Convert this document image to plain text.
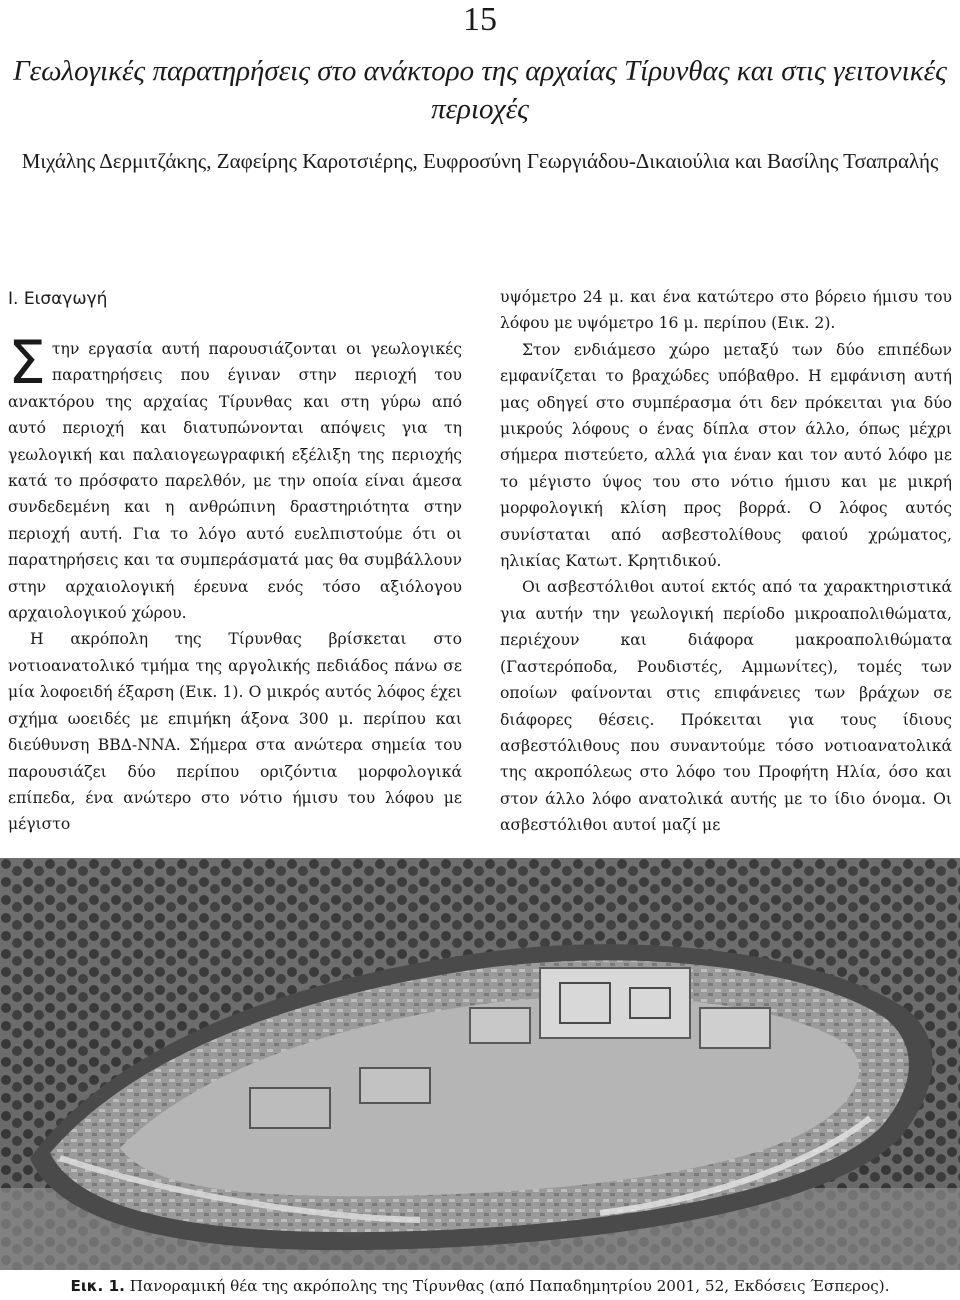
15
Γεωλογικές παρατηρήσεις στο ανάκτορο της αρχαίας Τίρυνθας και στις γειτονικές περιοχές

Μιχάλης Δερμιτζάκης, Ζαφείρης Καροτσιέρης, Ευφροσύνη Γεωργιάδου-Δικαιούλια και Βασίλης Τσαπραλής

Ι. Εισαγωγή

Στην εργασία αυτή παρουσιάζονται οι γεωλογικές παρατηρήσεις που έγιναν στην περιοχή του ανακτόρου της αρχαίας Τίρυνθας και στη γύρω από αυτό περιοχή και διατυπώνονται απόψεις για τη γεωλογική και παλαιογεωγραφική εξέλιξη της περιοχής κατά το πρόσφατο παρελθόν, με την οποία είναι άμεσα συνδεδεμένη και η ανθρώπινη δραστηριότητα στην περιοχή αυτή. Για το λόγο αυτό ευελπιστούμε ότι οι παρατηρήσεις και τα συμπεράσματά μας θα συμβάλλουν στην αρχαιολογική έρευνα ενός τόσο αξιόλογου αρχαιολογικού χώρου.

Η ακρόπολη της Τίρυνθας βρίσκεται στο νοτιοανατολικό τμήμα της αργολικής πεδιάδος πάνω σε μία λοφοειδή έξαρση (Εικ. 1). Ο μικρός αυτός λόφος έχει σχήμα ωοειδές με επιμήκη άξονα 300 μ. περίπου και διεύθυνση ΒΒΔ-ΝΝΑ. Σήμερα στα ανώτερα σημεία του παρουσιάζει δύο περίπου οριζόντια μορφολογικά επίπεδα, ένα ανώτερο στο νότιο ήμισυ του λόφου με μέγιστο

υψόμετρο 24 μ. και ένα κατώτερο στο βόρειο ήμισυ του λόφου με υψόμετρο 16 μ. περίπου (Εικ. 2).

Στον ενδιάμεσο χώρο μεταξύ των δύο επιπέδων εμφανίζεται το βραχώδες υπόβαθρο. Η εμφάνιση αυτή μας οδηγεί στο συμπέρασμα ότι δεν πρόκειται για δύο μικρούς λόφους ο ένας δίπλα στον άλλο, όπως μέχρι σήμερα πιστεύετο, αλλά για έναν και τον αυτό λόφο με το μέγιστο ύψος του στο νότιο ήμισυ και με μικρή μορφολογική κλίση προς βορρά. Ο λόφος αυτός συνίσταται από ασβεστολίθους φαιού χρώματος, ηλικίας Κατωτ. Κρητιδικού.

Οι ασβεστόλιθοι αυτοί εκτός από τα χαρακτηριστικά για αυτήν την γεωλογική περίοδο μικροαπολιθώματα, περιέχουν και διάφορα μακροαπολιθώματα (Γαστερόποδα, Ρουδιστές, Αμμωνίτες), τομές των οποίων φαίνονται στις επιφάνειες των βράχων σε διάφορες θέσεις. Πρόκειται για τους ίδιους ασβεστόλιθους που συναντούμε τόσο νοτιοανατολικά της ακροπόλεως στο λόφο του Προφήτη Ηλία, όσο και στον άλλο λόφο ανατολικά αυτής με το ίδιο όνομα. Οι ασβεστόλιθοι αυτοί μαζί με

Εικ. 1. Πανοραμική θέα της ακρόπολης της Τίρυνθας (από Παπαδημητρίου 2001, 52, Εκδόσεις Έσπερος).
